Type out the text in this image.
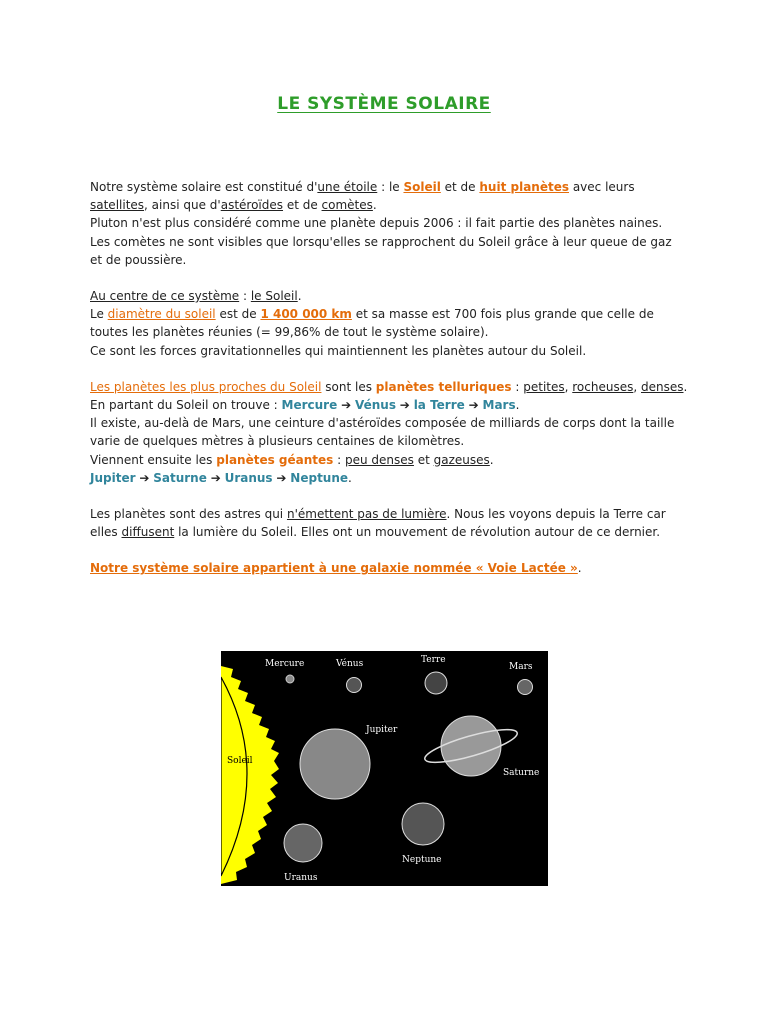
LE SYSTÈME SOLAIRE

Notre système solaire est constitué d'une étoile : le Soleil et de huit planètes avec leurs
satellites, ainsi que d'astéroïdes et de comètes.
Pluton n'est plus considéré comme une planète depuis 2006 : il fait partie des planètes naines.
Les comètes ne sont visibles que lorsqu'elles se rapprochent du Soleil grâce à leur queue de gaz
et de poussière.

Au centre de ce système : le Soleil.
Le diamètre du soleil est de 1 400 000 km et sa masse est 700 fois plus grande que celle de
toutes les planètes réunies (= 99,86% de tout le système solaire).
Ce sont les forces gravitationnelles qui maintiennent les planètes autour du Soleil.

Les planètes les plus proches du Soleil sont les planètes telluriques : petites, rocheuses, denses.
En partant du Soleil on trouve : Mercure ➔ Vénus ➔ la Terre ➔ Mars.
Il existe, au-delà de Mars, une ceinture d'astéroïdes composée de milliards de corps dont la taille
varie de quelques mètres à plusieurs centaines de kilomètres.
Viennent ensuite les planètes géantes : peu denses et gazeuses.
Jupiter ➔ Saturne ➔ Uranus ➔ Neptune.

Les planètes sont des astres qui n'émettent pas de lumière. Nous les voyons depuis la Terre car
elles diffusent la lumière du Soleil. Elles ont un mouvement de révolution autour de ce dernier.

Notre système solaire appartient à une galaxie nommée « Voie Lactée ».

Soleil
Mercure	Vénus	Terre
Mars
Jupiter
Saturne
Uranus
Neptune
